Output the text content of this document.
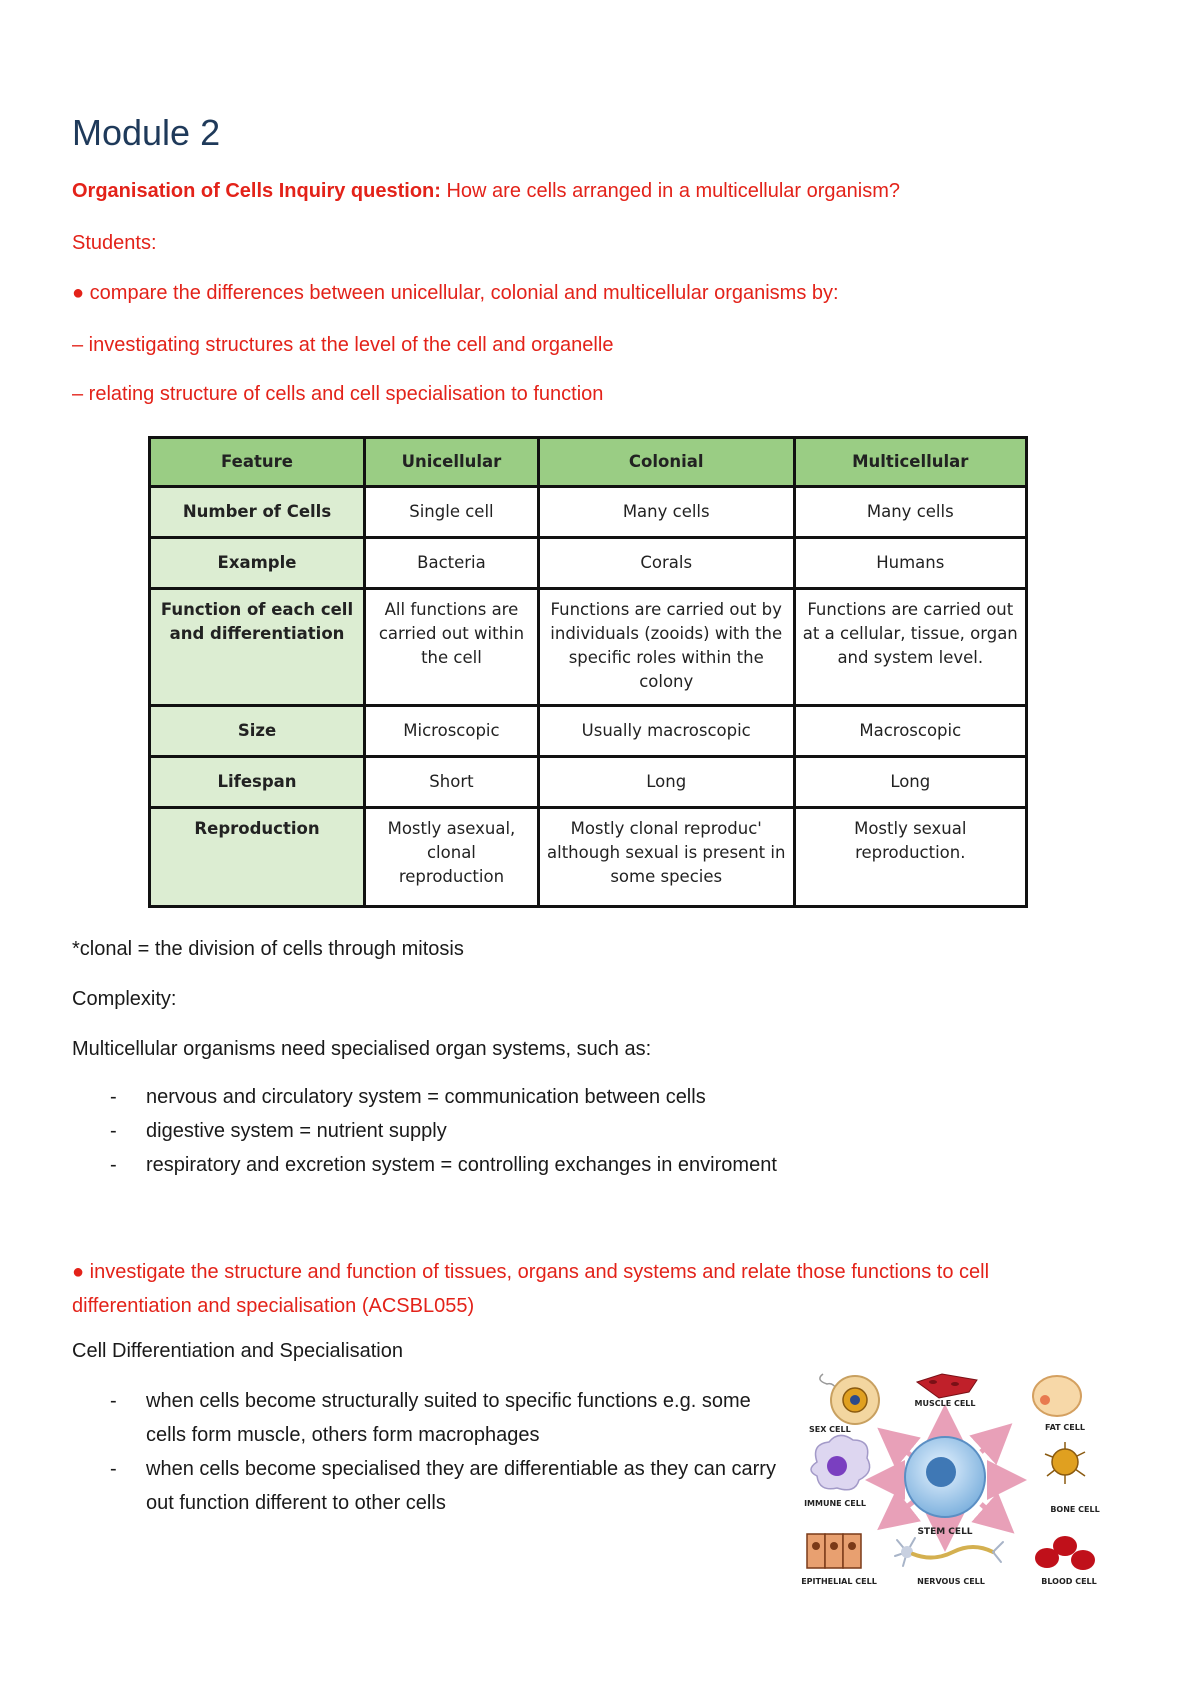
Module 2
Organisation of Cells Inquiry question: How are cells arranged in a multicellular organism?
Students:
● compare the differences between unicellular, colonial and multicellular organisms by:
– investigating structures at the level of the cell and organelle
– relating structure of cells and cell specialisation to function
Feature	Unicellular	Colonial	Multicellular
Number of Cells	Single cell	Many cells	Many cells
Example	Bacteria	Corals	Humans
Function of each cell and differentiation	All functions are carried out within the cell	Functions are carried out by individuals (zooids) with the specific roles within the colony	Functions are carried out at a cellular, tissue, organ and system level.
Size	Microscopic	Usually macroscopic	Macroscopic
Lifespan	Short	Long	Long
Reproduction	Mostly asexual, clonal reproduction	Mostly clonal reproduc' although sexual is present in some species	Mostly sexual reproduction.
*clonal = the division of cells through mitosis
Complexity:
Multicellular organisms need specialised organ systems, such as:
- nervous and circulatory system = communication between cells
- digestive system = nutrient supply
- respiratory and excretion system = controlling exchanges in enviroment
● investigate the structure and function of tissues, organs and systems and relate those functions to cell differentiation and specialisation (ACSBL055)
Cell Differentiation and Specialisation
- when cells become structurally suited to specific functions e.g. some cells form muscle, others form macrophages
- when cells become specialised they are differentiable as they can carry out function different to other cells
STEM CELL
SEX CELL
MUSCLE CELL
FAT CELL
IMMUNE CELL
BONE CELL
EPITHELIAL CELL	NERVOUS CELL	BLOOD CELL
